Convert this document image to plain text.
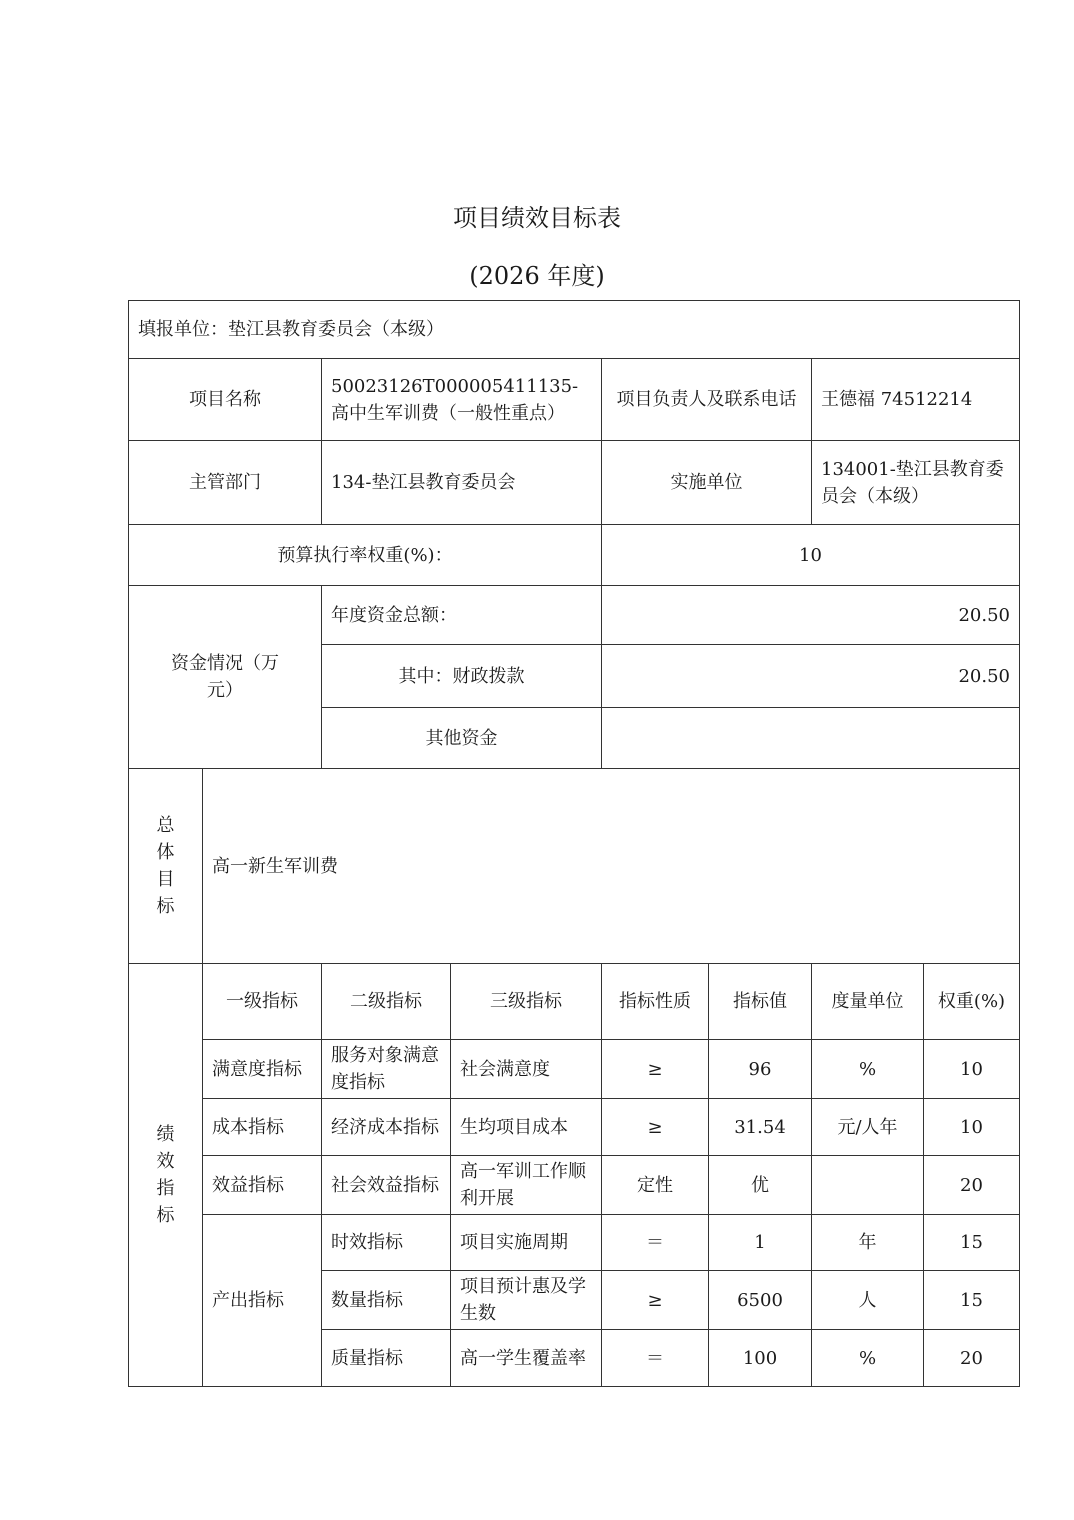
项目绩效目标表
(2026 年度)
填报单位：垫江县教育委员会（本级）							
项目名称		50023126T000005411135-高中生军训费（一般性重点）		项目负责人及联系电话		王德福 74512214	
主管部门		134-垫江县教育委员会		实施单位		134001-垫江县教育委员会（本级）	
预算执行率权重(%)：				10			
资金情况（万元）		年度资金总额：		20.50			
		其中：财政拨款		20.50			
		其他资金					
总体目标	高一新生军训费						
绩效指标	一级指标	二级指标	三级指标	指标性质	指标值	度量单位	权重(%)
	满意度指标	服务对象满意度指标	社会满意度	≥	96	%	10
	成本指标	经济成本指标	生均项目成本	≥	31.54	元/人年	10
	效益指标	社会效益指标	高一军训工作顺利开展	定性	优		20
	产出指标	时效指标	项目实施周期	＝	1	年	15
		数量指标	项目预计惠及学生数	≥	6500	人	15
		质量指标	高一学生覆盖率	＝	100	%	20
